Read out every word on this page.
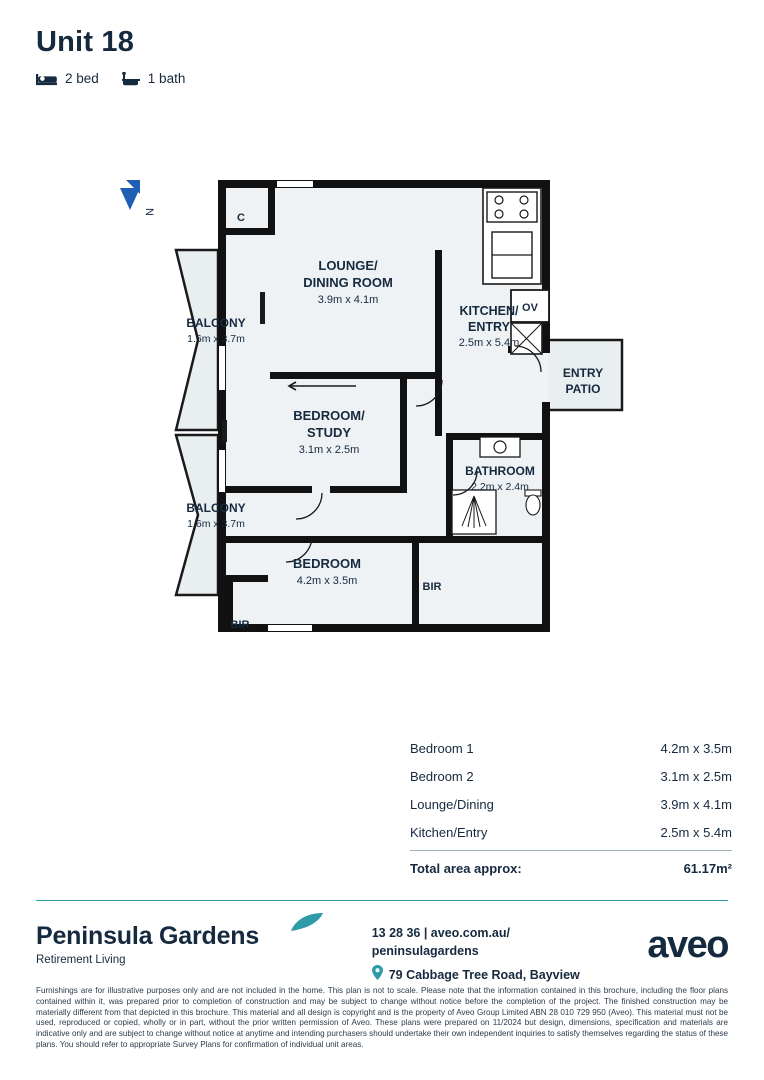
Unit 18
2 bed	1 bath
OV
N
LOUNGE/
DINING ROOM
3.9m x 4.1m
KITCHEN/
ENTRY
2.5m x 5.4m
BEDROOM/
STUDY
3.1m x 2.5m
BEDROOM
4.2m x 3.5m
BATHROOM
2.2m x 2.4m
BALCONY
1.6m x 3.7m
BALCONY
1.6m x 3.7m
ENTRY
PATIO
C
BIR
BIR
Bedroom 1	4.2m x 3.5m
Bedroom 2	3.1m x 2.5m
Lounge/Dining	3.9m x 4.1m
Kitchen/Entry	2.5m x 5.4m
Total area approx:	61.17m²
Peninsula Gardens
Retirement Living
13 28 36 | aveo.com.au/
peninsulagardens
79 Cabbage Tree Road, Bayview
aveo
Furnishings are for illustrative purposes only and are not included in the home. This plan is not to scale. Please note that the information contained in this brochure, including the floor plans contained within it, was prepared prior to completion of construction and may be subject to change without notice before the completion of the project. The finished construction may be materially different from that depicted in this brochure. This material and all design is copyright and is the property of Aveo Group Limited ABN 28 010 729 950 (Aveo). This material must not be used, reproduced or copied, wholly or in part, without the prior written permission of Aveo. These plans were prepared on 11/2024 but design, dimensions, specification and materials are indicative only and are subject to change without notice at anytime and intending purchasers should undertake their own independent inquiries to satisfy themselves regarding the status of these plans. You should refer to appropriate Survey Plans for confirmation of individual unit areas.
